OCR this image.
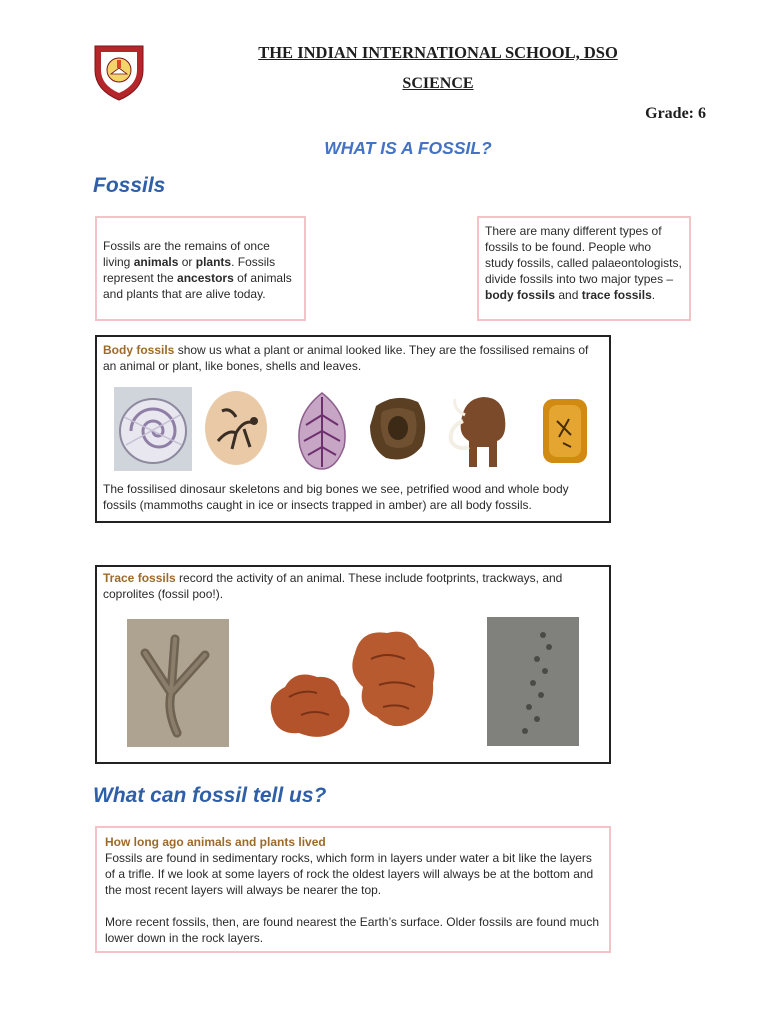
THE INDIAN INTERNATIONAL SCHOOL, DSO
SCIENCE
Grade: 6
WHAT IS A FOSSIL?
Fossils

Fossils are the remains of once living animals or plants. Fossils represent the ancestors of animals and plants that are alive today.

There are many different types of fossils to be found. People who study fossils, called palaeontologists, divide fossils into two major types – body fossils and trace fossils.

Body fossils show us what a plant or animal looked like. They are the fossilised remains of an animal or plant, like bones, shells and leaves.

The fossilised dinosaur skeletons and big bones we see, petrified wood and whole body fossils (mammoths caught in ice or insects trapped in amber) are all body fossils.

Trace fossils record the activity of an animal. These include footprints, trackways, and coprolites (fossil poo!).

What can fossil tell us?

How long ago animals and plants lived

Fossils are found in sedimentary rocks, which form in layers under water a bit like the layers of a trifle. If we look at some layers of rock the oldest layers will always be at the bottom and the most recent layers will always be nearer the top.

More recent fossils, then, are found nearest the Earth’s surface. Older fossils are found much lower down in the rock layers.
